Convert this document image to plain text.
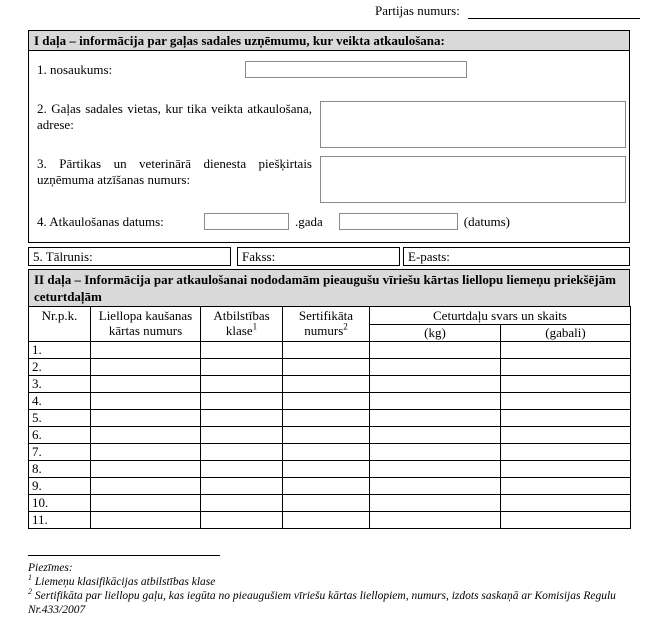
Partijas numurs:
I daļa – informācija par gaļas sadales uzņēmumu, kur veikta atkaulošana:
1. nosaukums:
2. Gaļas sadales vietas, kur tika veikta atkaulošana, adrese:
3. Pārtikas un veterinārā dienesta piešķirtais uzņēmuma atzīšanas numurs:
4. Atkaulošanas datums:	.gada	(datums)
5. Tālrunis:	Fakss:	E-pasts:
II daļa – Informācija par atkaulošanai nododamām pieaugušu vīriešu kārtas liellopu liemeņu priekšējām ceturtdaļām
Nr.p.k.	Liellopa kaušanas kārtas numurs	Atbilstības klase$^1$	Sertifikāta numurs$^2$	Ceturtdaļu svars un skaits	
				(kg)	(gabali)
1.					
2.					
3.					
4.					
5.					
6.					
7.					
8.					
9.					
10.					
11.					
Piezīmes:
$^1$ Liemeņu klasifikācijas atbilstības klase
$^2$ Sertifikāta par liellopu gaļu, kas iegūta no pieaugušiem vīriešu kārtas liellopiem, numurs, izdots saskaņā ar Komisijas Regulu Nr.433/2007
